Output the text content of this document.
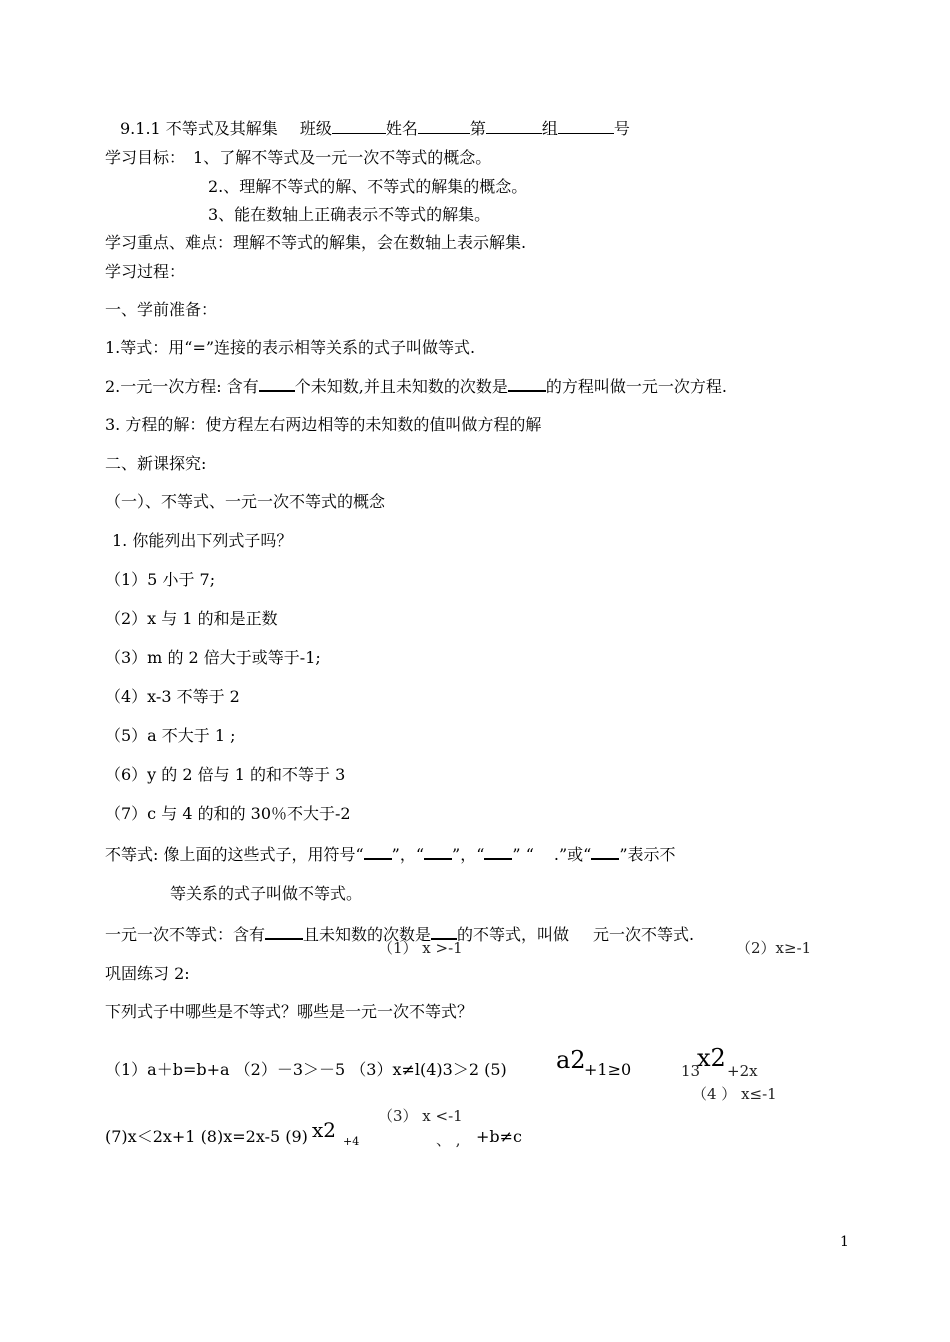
9.1.1 不等式及其解集 班级	姓名	第	组	号
学习目标： 1、了解不等式及一元一次不等式的概念。
2.、理解不等式的解、不等式的解集的概念。
3、能在数轴上正确表示不等式的解集。
学习重点、难点：理解不等式的解集，会在数轴上表示解集.
学习过程：
一、学前准备：
1.等式：用“=”连接的表示相等关系的式子叫做等式.
2.一元一次方程: 含有 个未知数,并且未知数的次数是 的方程叫做一元一次方程.
3. 方程的解：使方程左右两边相等的未知数的值叫做方程的解
二、新课探究:
（一）、不等式、一元一次不等式的概念
1. 你能列出下列式子吗？
（1）5 小于 7;
（2）x 与 1 的和是正数
（3）m 的 2 倍大于或等于-1;
（4）x-3 不等于 2
（5）a 不大于 1 ;
（6）y 的 2 倍与 1 的和不等于 3
（7）c 与 4 的和的 30％不大于-2
不等式: 像上面的这些式子，用符号“ ”，“ ”，“ ” “ .”或“ ”表示不
等关系的式子叫做不等式。
一元一次不等式：含有 且未知数的次数是 的不等式，叫做 元一次不等式.
（1） x >-1	（2）x≥-1
巩固练习 2:
下列式子中哪些是不等式？哪些是一元一次不等式？
（1）a＋b=b+a （2）－3＞－5 （3）x≠l(4)3＞2 (5) a2
+1≥0	13
x2 +2x
（4 ） x≤-1
（3） x <-1
(7)x＜2x+1 (8)x=2x-5 (9) x2 +4	、 , +b≠c
1
